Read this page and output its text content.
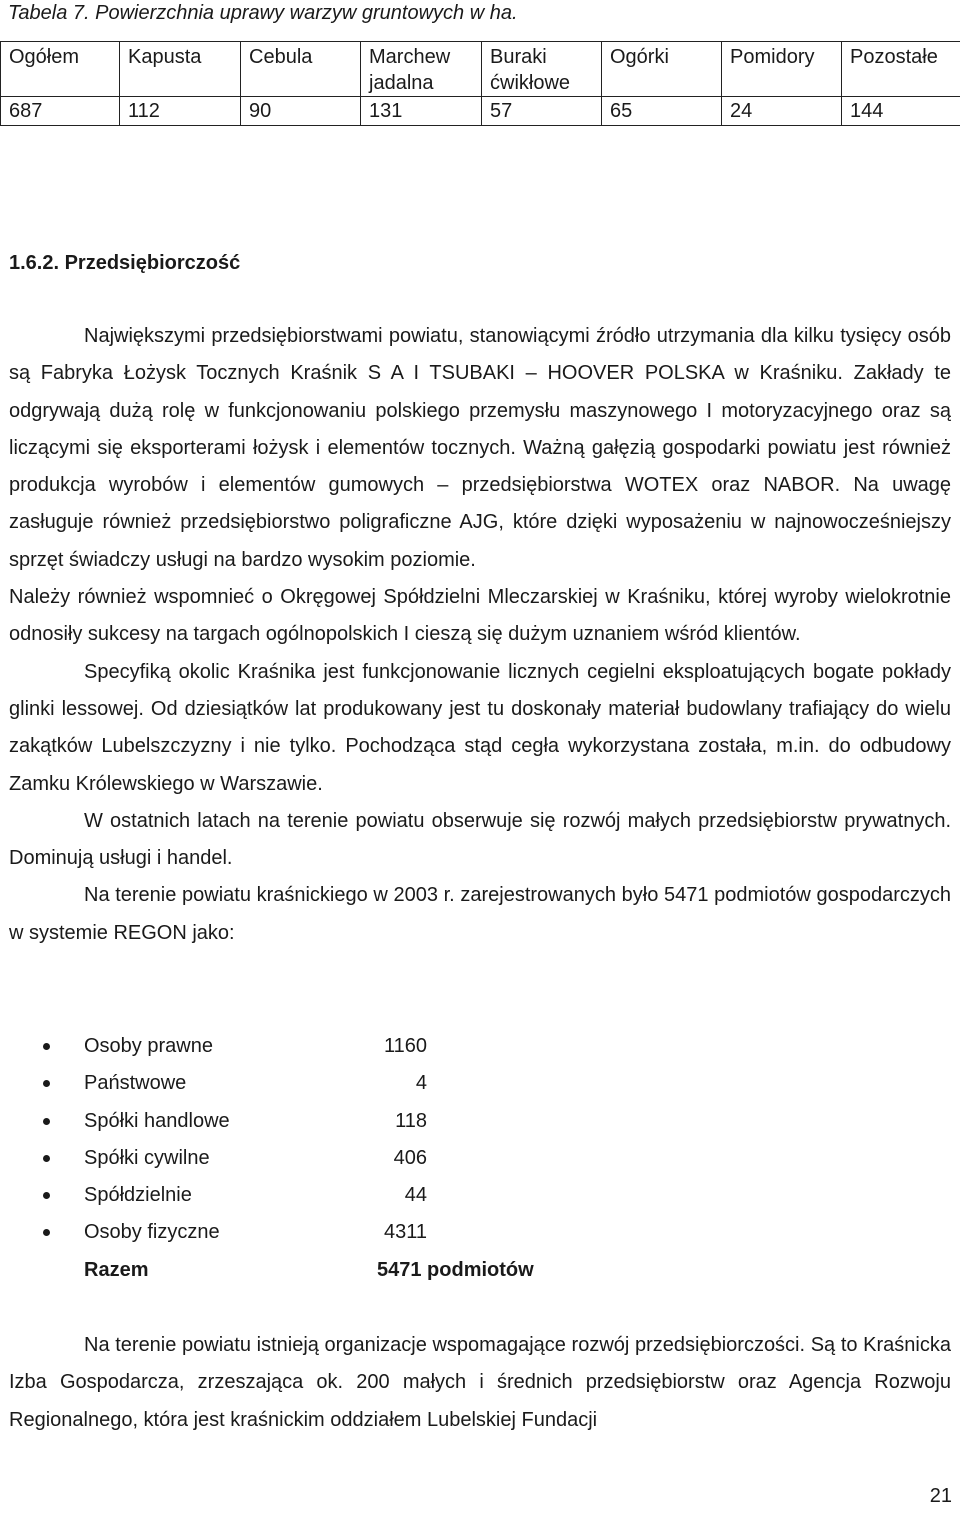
Tabela 7. Powierzchnia uprawy warzyw gruntowych w ha.
Ogółem	Kapusta	Cebula	Marchew jadalna	Buraki ćwikłowe	Ogórki	Pomidory	Pozostałe
687	112	90	131	57	65	24	144
1.6.2. Przedsiębiorczość

Największymi przedsiębiorstwami powiatu, stanowiącymi źródło utrzymania dla kilku tysięcy osób są Fabryka Łożysk Tocznych Kraśnik S A I TSUBAKI – HOOVER POLSKA w Kraśniku. Zakłady te odgrywają dużą rolę w funkcjonowaniu polskiego przemysłu maszynowego I motoryzacyjnego oraz są liczącymi się eksporterami łożysk i elementów tocznych. Ważną gałęzią gospodarki powiatu jest również produkcja wyrobów i elementów gumowych – przedsiębiorstwa WOTEX oraz NABOR. Na uwagę zasługuje również przedsiębiorstwo poligraficzne AJG, które dzięki wyposażeniu w najnowocześniejszy sprzęt świadczy usługi na bardzo wysokim poziomie.

Należy również wspomnieć o Okręgowej Spółdzielni Mleczarskiej w Kraśniku, której wyroby wielokrotnie odnosiły sukcesy na targach ogólnopolskich I cieszą się dużym uznaniem wśród klientów.

Specyfiką okolic Kraśnika jest funkcjonowanie licznych cegielni eksploatujących bogate pokłady glinki lessowej. Od dziesiątków lat produkowany jest tu doskonały materiał budowlany trafiający do wielu zakątków Lubelszczyzny i nie tylko. Pochodząca stąd cegła wykorzystana została, m.in. do odbudowy Zamku Królewskiego w Warszawie.

W ostatnich latach na terenie powiatu obserwuje się rozwój małych przedsiębiorstw prywatnych. Dominują usługi i handel.

Na terenie powiatu kraśnickiego w 2003 r. zarejestrowanych było 5471 podmiotów gospodarczych w systemie REGON jako:

Osoby prawne	1160
Państwowe	4
Spółki handlowe	118
Spółki cywilne	406
Spółdzielnie	44
Osoby fizyczne	4311
Razem	5471 podmiotów

Na terenie powiatu istnieją organizacje wspomagające rozwój przedsiębiorczości. Są to Kraśnicka Izba Gospodarcza, zrzeszająca ok. 200 małych i średnich przedsiębiorstw oraz Agencja Rozwoju Regionalnego, która jest kraśnickim oddziałem Lubelskiej Fundacji

21
